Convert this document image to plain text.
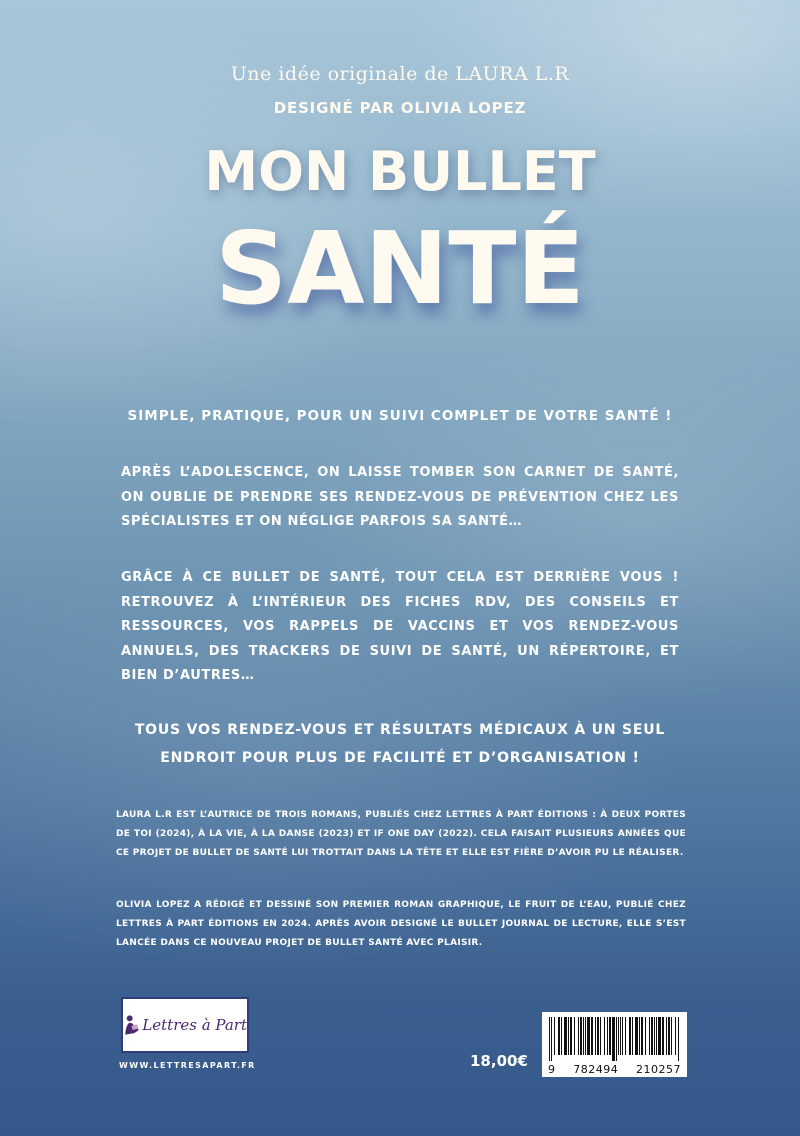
Une idée originale de LAURA L.R
DESIGNÉ PAR OLIVIA LOPEZ
MON BULLET
SANTÉ
SIMPLE, PRATIQUE, POUR UN SUIVI COMPLET DE VOTRE SANTÉ !
APRÈS L’ADOLESCENCE, ON LAISSE TOMBER SON CARNET DE SANTÉ, ON OUBLIE DE PRENDRE SES RENDEZ-VOUS DE PRÉVENTION CHEZ LES SPÉCIALISTES ET ON NÉGLIGE PARFOIS SA SANTÉ…
GRÂCE À CE BULLET DE SANTÉ, TOUT CELA EST DERRIÈRE VOUS ! RETROUVEZ À L’INTÉRIEUR DES FICHES RDV, DES CONSEILS ET RESSOURCES, VOS RAPPELS DE VACCINS ET VOS RENDEZ-VOUS ANNUELS, DES TRACKERS DE SUIVI DE SANTÉ, UN RÉPERTOIRE, ET BIEN D’AUTRES…
TOUS VOS RENDEZ-VOUS ET RÉSULTATS MÉDICAUX À UN SEUL
ENDROIT POUR PLUS DE FACILITÉ ET D’ORGANISATION !
LAURA L.R EST L’AUTRICE DE TROIS ROMANS, PUBLIÉS CHEZ LETTRES À PART ÉDITIONS : À DEUX PORTES DE TOI (2024), À LA VIE, À LA DANSE (2023) ET IF ONE DAY (2022). CELA FAISAIT PLUSIEURS ANNÉES QUE CE PROJET DE BULLET DE SANTÉ LUI TROTTAIT DANS LA TÊTE ET ELLE EST FIÈRE D’AVOIR PU LE RÉALISER.
OLIVIA LOPEZ A RÉDIGÉ ET DESSINÉ SON PREMIER ROMAN GRAPHIQUE, LE FRUIT DE L’EAU, PUBLIÉ CHEZ LETTRES À PART ÉDITIONS EN 2024. APRÈS AVOIR DESIGNÉ LE BULLET JOURNAL DE LECTURE, ELLE S’EST LANCÉE DANS CE NOUVEAU PROJET DE BULLET SANTÉ AVEC PLAISIR.
Lettres à Part
WWW.LETTRESAPART.FR	18,00€ 9 782494 210257
